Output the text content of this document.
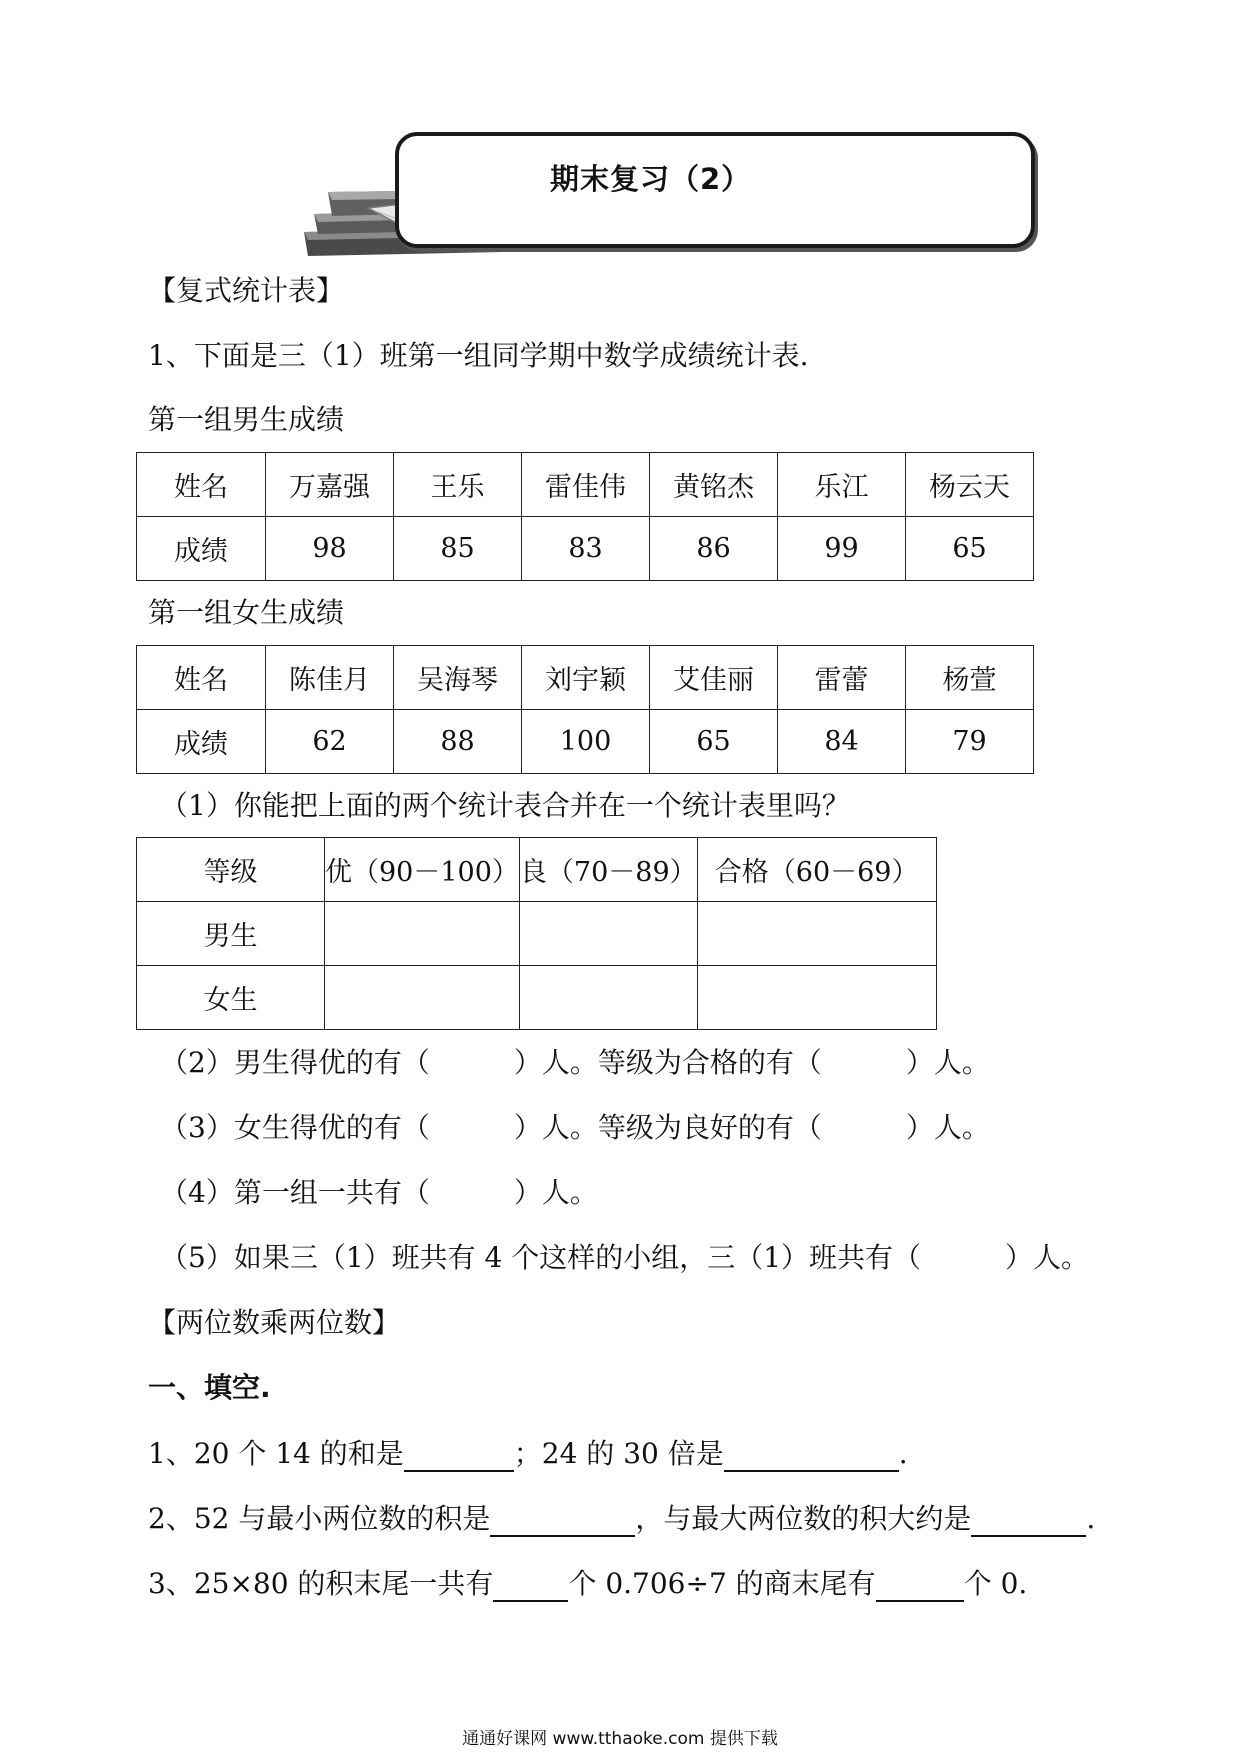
期末复习（2）
【复式统计表】
1、下面是三（1）班第一组同学期中数学成绩统计表.
第一组男生成绩
姓名	万嘉强	王乐	雷佳伟	黄铭杰	乐江	杨云天
成绩	98	85	83	86	99	65
第一组女生成绩
姓名	陈佳月	吴海琴	刘宇颖	艾佳丽	雷蕾	杨萱
成绩	62	88	100	65	84	79
（1）你能把上面的两个统计表合并在一个统计表里吗？
等级	优（90－100）	良（70－89）	合格（60－69）
男生			
女生			
（2）男生得优的有（　　　）人。等级为合格的有（　　　）人。
（3）女生得优的有（　　　）人。等级为良好的有（　　　）人。
（4）第一组一共有（　　　）人。
（5）如果三（1）班共有 4 个这样的小组，三（1）班共有（　　　）人。
【两位数乘两位数】
一、填空.
1、20 个 14 的和是	；24 的 30 倍是	.
2、52 与最小两位数的积是	，与最大两位数的积大约是	.
3、25×80 的积末尾一共有	个 0.706÷7 的商末尾有	个 0.
通通好课网 www.tthaoke.com 提供下载
